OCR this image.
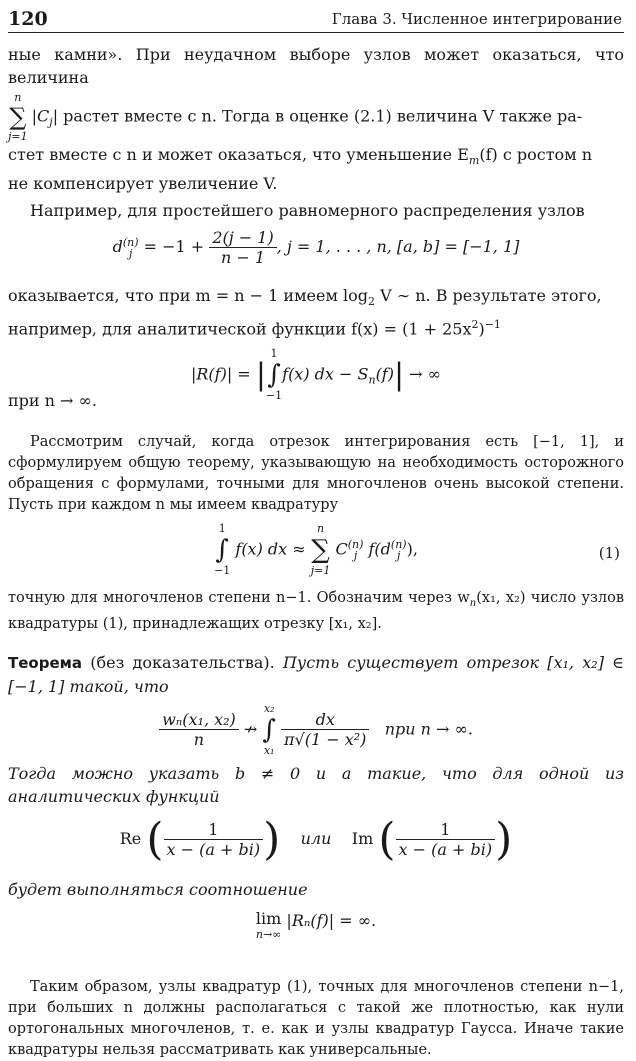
120	Глава 3. Численное интегрирование

ные камни». При неудачном выборе узлов может оказаться, что величина

n
∑
j=1
$|C_j|$ растет вместе с n. Тогда в оценке (2.1) величина V также ра-

стет вместе с n и может оказаться, что уменьшение $E_m(f)$ с ростом n

не компенсирует увеличение V.

Например, для простейшего равномерного распределения узлов

d (n)
$j = -1 + \frac{2(j - 1)}{n - 1}$ , j = 1, . . . , n, [a, b] = [−1, 1]

оказывается, что при m = n − 1 имеем $\log_2 V$ ∼ n. В результате этого,

например, для аналитической функции $f(x) = (1 + 25x^2)^{-1}$

|R(f)| = |
1
∫
−1
f(x) dx − $S_n(f)|$ → ∞

при n → ∞.

Рассмотрим случай, когда отрезок интегрирования есть [−1, 1], и сформулируем общую теорему, указывающую на необходимость осторожного обращения с формулами, точными для многочленов очень высокой степени. Пусть при каждом n мы имеем квадратуру

1
∫
−1
f(x) dx ≈
n
∑
j=1
C (n)
j f(d (n)
j ),	(1)

точную для многочленов степени n−1. Обозначим через $w_n(x_1$, x₂) число узлов квадратуры (1), принадлежащих отрезку [x₁, x₂].

Теорема (без доказательства). Пусть существует отрезок [x₁, x₂] ∈ [−1, 1] такой, что

$\frac{\text{wₙ(x₁, x₂)}}{n}$ ↛
x₂
∫
x₁

$\frac{dx}{\text{π√(1 − x²)}}$ при n → ∞.

Тогда можно указать b ≠ 0 и a такие, что для одной из аналитических функций

Re ( $\frac{1}{x - (a + bi)}$ ) или Im ( $\frac{1}{x - (a + bi)}$ )

будет выполняться соотношение

lim
n→∞
|Rₙ(f)| = ∞.

Таким образом, узлы квадратур (1), точных для многочленов степени n−1, при больших n должны располагаться с такой же плотностью, как нули ортогональных многочленов, т. е. как и узлы квадратур Гаусса. Иначе такие квадратуры нельзя рассматривать как универсальные.
